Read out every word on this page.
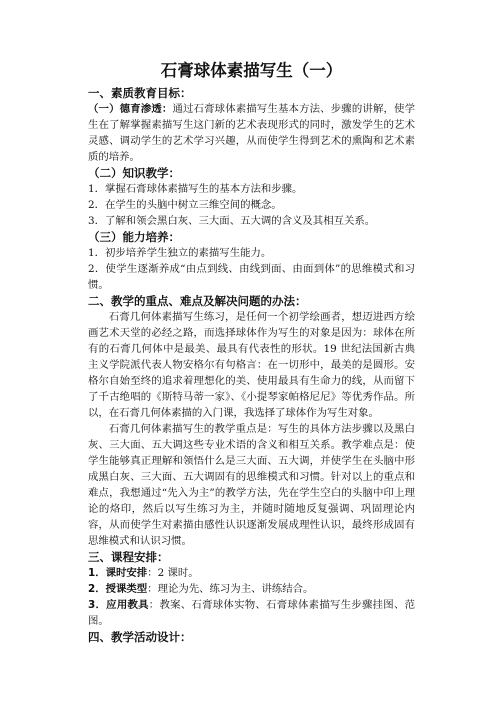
石膏球体素描写生（一）
一、素质教育目标：

（一）德育渗透：通过石膏球体素描写生基本方法、步骤的讲解，使学生在了解掌握素描写生这门新的艺术表现形式的同时，激发学生的艺术灵感、调动学生的艺术学习兴趣，从而使学生得到艺术的熏陶和艺术素质的培养。

（二）知识教学：

1．掌握石膏球体素描写生的基本方法和步骤。

2．在学生的头脑中树立三维空间的概念。

3．了解和领会黑白灰、三大面、五大调的含义及其相互关系。

（三）能力培养：

1．初步培养学生独立的素描写生能力。

2．使学生逐渐养成“由点到线、由线到面、由面到体”的思维模式和习惯。

二、教学的重点、难点及解决问题的办法：

石膏几何体素描写生练习，是任何一个初学绘画者，想迈进西方绘画艺术天堂的必经之路，而选择球体作为写生的对象是因为：球体在所有的石膏几何体中是最美、最具有代表性的形状。19 世纪法国新古典主义学院派代表人物安格尔有句格言：在一切形中，最美的是圆形。安格尔自始至终的追求着理想化的美、使用最具有生命力的线，从而留下了千古绝唱的《斯特马蒂一家》、《小提琴家帕格尼尼》等优秀作品。所以，在石膏几何体素描的入门课，我选择了球体作为写生对象。

石膏几何体素描写生的教学重点是：写生的具体方法步骤以及黑白灰、三大面、五大调这些专业术语的含义和相互关系。教学难点是：使学生能够真正理解和领悟什么是三大面、五大调，并使学生在头脑中形成黑白灰、三大面、五大调固有的思维模式和习惯。针对以上的重点和难点，我想通过“先入为主”的教学方法，先在学生空白的头脑中印上理论的烙印，然后以写生练习为主，并随时随地反复强调、巩固理论内容，从而使学生对素描由感性认识逐渐发展成理性认识，最终形成固有思维模式和认识习惯。

三、课程安排：

1．课时安排：2 课时。

2．授课类型：理论为先、练习为主、讲练结合。

3．应用教具：教案、石膏球体实物、石膏球体素描写生步骤挂图、范图。

四、教学活动设计：
